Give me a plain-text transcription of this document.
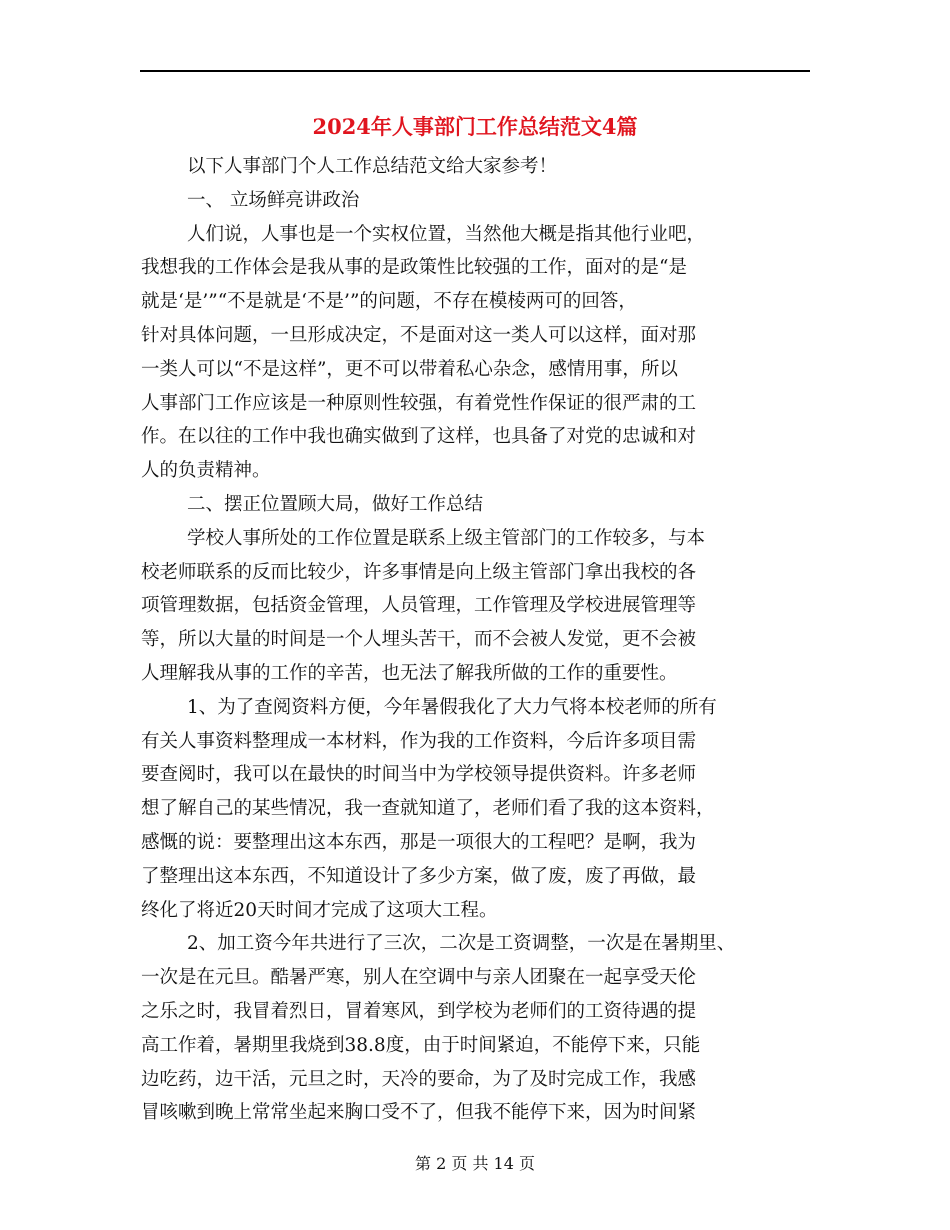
2024年人事部门工作总结范文4篇
以下人事部门个人工作总结范文给大家参考！
一、 立场鲜亮讲政治
人们说，人事也是一个实权位置，当然他大概是指其他行业吧，
我想我的工作体会是我从事的是政策性比较强的工作，面对的是“是
就是‘是’”“不是就是‘不是’”的问题，不存在模棱两可的回答，
针对具体问题，一旦形成决定，不是面对这一类人可以这样，面对那
一类人可以“不是这样”，更不可以带着私心杂念，感情用事，所以
人事部门工作应该是一种原则性较强，有着党性作保证的很严肃的工
作。在以往的工作中我也确实做到了这样，也具备了对党的忠诚和对
人的负责精神。
二、摆正位置顾大局，做好工作总结
学校人事所处的工作位置是联系上级主管部门的工作较多，与本
校老师联系的反而比较少，许多事情是向上级主管部门拿出我校的各
项管理数据，包括资金管理，人员管理，工作管理及学校进展管理等
等，所以大量的时间是一个人埋头苦干，而不会被人发觉，更不会被
人理解我从事的工作的辛苦，也无法了解我所做的工作的重要性。
1、为了查阅资料方便，今年暑假我化了大力气将本校老师的所有
有关人事资料整理成一本材料，作为我的工作资料，今后许多项目需
要查阅时，我可以在最快的时间当中为学校领导提供资料。许多老师
想了解自己的某些情况，我一查就知道了，老师们看了我的这本资料，
感慨的说：要整理出这本东西，那是一项很大的工程吧？是啊，我为
了整理出这本东西，不知道设计了多少方案，做了废，废了再做，最
终化了将近20天时间才完成了这项大工程。
2、加工资今年共进行了三次，二次是工资调整，一次是在暑期里、
一次是在元旦。酷暑严寒，别人在空调中与亲人团聚在一起享受天伦
之乐之时，我冒着烈日，冒着寒风，到学校为老师们的工资待遇的提
高工作着，暑期里我烧到38.8度，由于时间紧迫，不能停下来，只能
边吃药，边干活，元旦之时，天冷的要命，为了及时完成工作，我感
冒咳嗽到晚上常常坐起来胸口受不了，但我不能停下来，因为时间紧
第 2 页 共 14 页
